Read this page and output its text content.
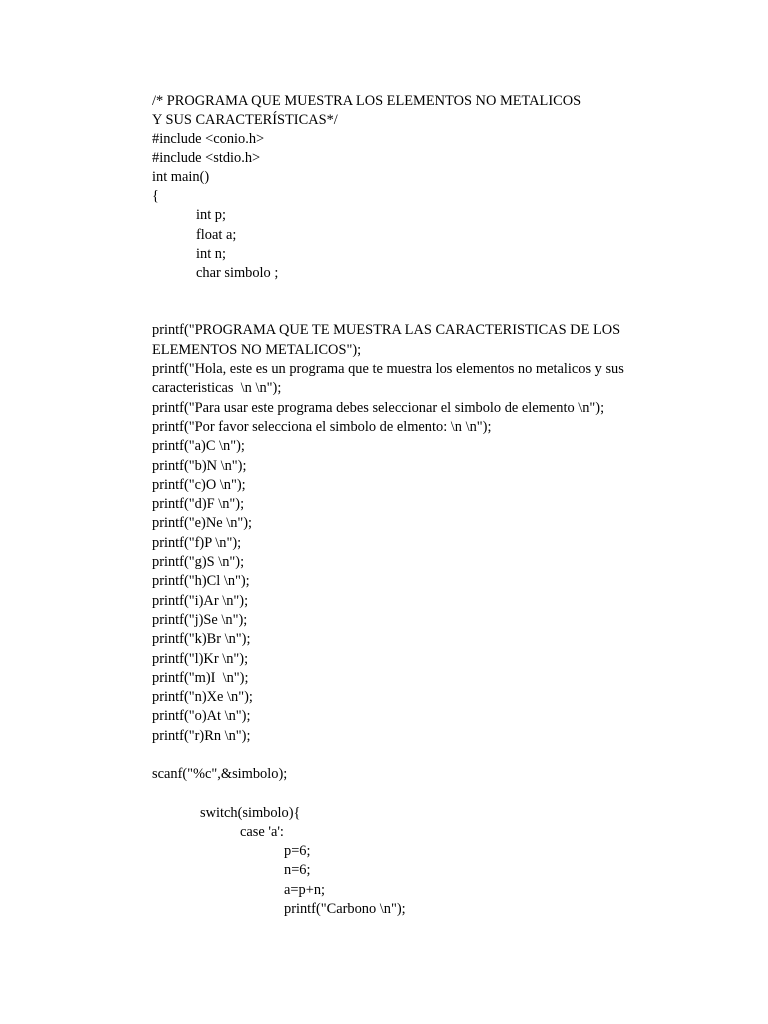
/* PROGRAMA QUE MUESTRA LOS ELEMENTOS NO METALICOS
Y SUS CARACTERÍSTICAS*/
#include <conio.h>
#include <stdio.h>
int main()
{
int p;
float a;
int n;
char simbolo ;
printf("PROGRAMA QUE TE MUESTRA LAS CARACTERISTICAS DE LOS
ELEMENTOS NO METALICOS");
printf("Hola, este es un programa que te muestra los elementos no metalicos y sus
caracteristicas  \n \n");
printf("Para usar este programa debes seleccionar el simbolo de elemento \n");
printf("Por favor selecciona el simbolo de elmento: \n \n");
printf("a)C \n");
printf("b)N \n");
printf("c)O \n");
printf("d)F \n");
printf("e)Ne \n");
printf("f)P \n");
printf("g)S \n");
printf("h)Cl \n");
printf("i)Ar \n");
printf("j)Se \n");
printf("k)Br \n");
printf("l)Kr \n");
printf("m)I  \n");
printf("n)Xe \n");
printf("o)At \n");
printf("r)Rn \n");
scanf("%c",&simbolo);
switch(simbolo){
case 'a':
p=6;
n=6;
a=p+n;
printf("Carbono \n");
